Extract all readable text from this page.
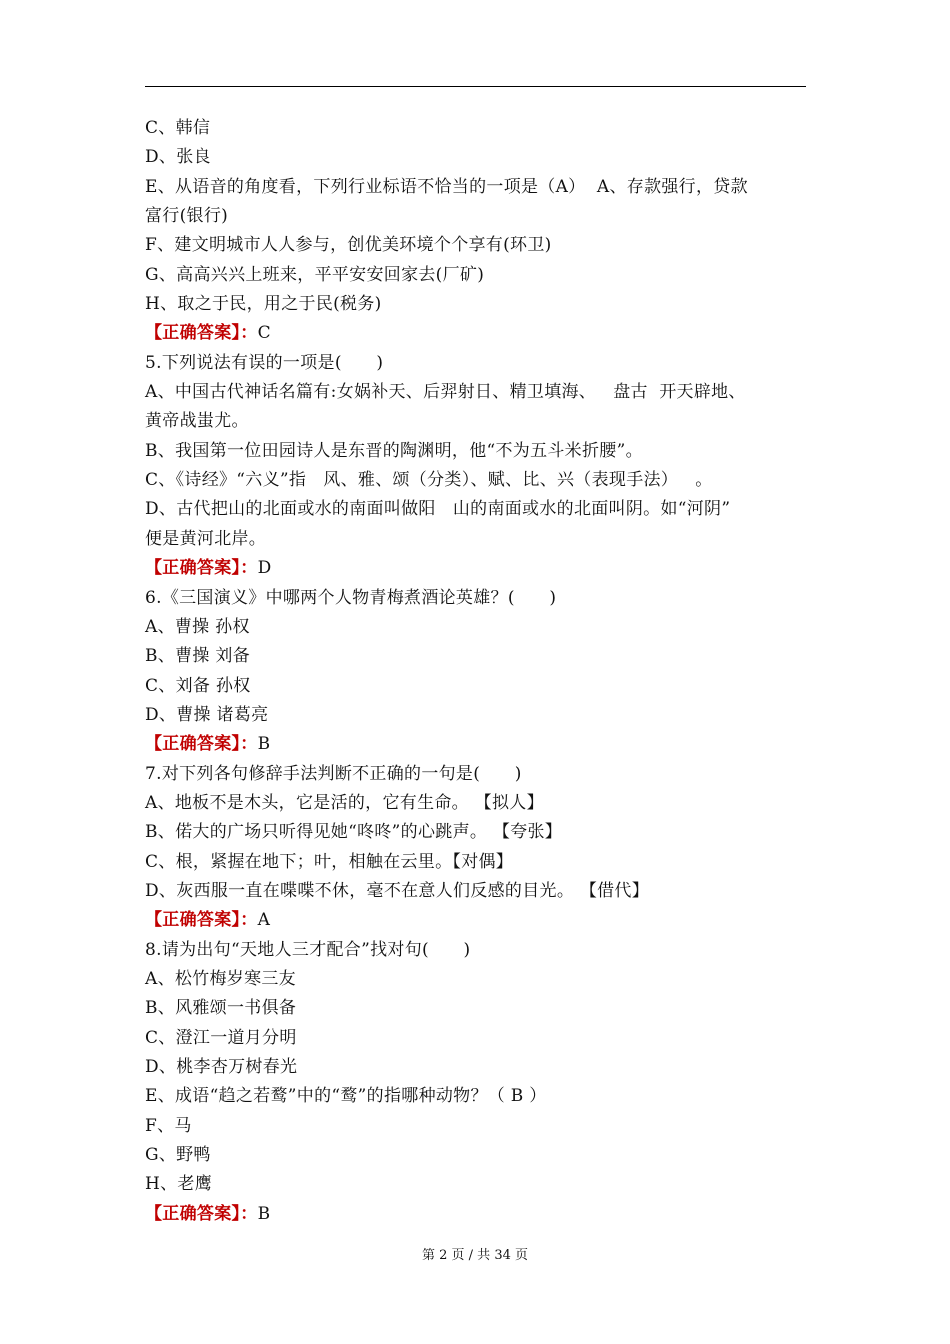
C、韩信
D、张良
E、从语音的角度看，下列行业标语不恰当的一项是（A）  A、存款强行，贷款
富行(银行)
F、建文明城市人人参与，创优美环境个个享有(环卫)
G、高高兴兴上班来，平平安安回家去(厂矿)
H、取之于民，用之于民(税务)
【正确答案】：C
5.下列说法有误的一项是(　　)
A、中国古代神话名篇有:女娲补天、后羿射日、精卫填海、   盘古  开天辟地、
黄帝战蚩尤。
B、我国第一位田园诗人是东晋的陶渊明，他“不为五斗米折腰”。
C、《诗经》“六义”指   风、雅、颂（分类）、赋、比、兴（表现手法）   。
D、古代把山的北面或水的南面叫做阳   山的南面或水的北面叫阴。如“河阴”
便是黄河北岸。
【正确答案】：D
6.《三国演义》中哪两个人物青梅煮酒论英雄？(　　)
A、曹操 孙权
B、曹操 刘备
C、刘备 孙权
D、曹操 诸葛亮
【正确答案】：B
7.对下列各句修辞手法判断不正确的一句是(　　)
A、地板不是木头，它是活的，它有生命。 【拟人】
B、偌大的广场只听得见她“咚咚”的心跳声。 【夸张】
C、根，紧握在地下；叶，相触在云里。【对偶】
D、灰西服一直在喋喋不休，毫不在意人们反感的目光。 【借代】
【正确答案】：A
8.请为出句“天地人三才配合”找对句(　　)
A、松竹梅岁寒三友
B、风雅颂一书俱备
C、澄江一道月分明
D、桃李杏万树春光
E、成语“趋之若鹜”中的“鹜”的指哪种动物？（ B ）
F、马
G、野鸭
H、老鹰
【正确答案】：B
第 2 页 / 共 34 页
